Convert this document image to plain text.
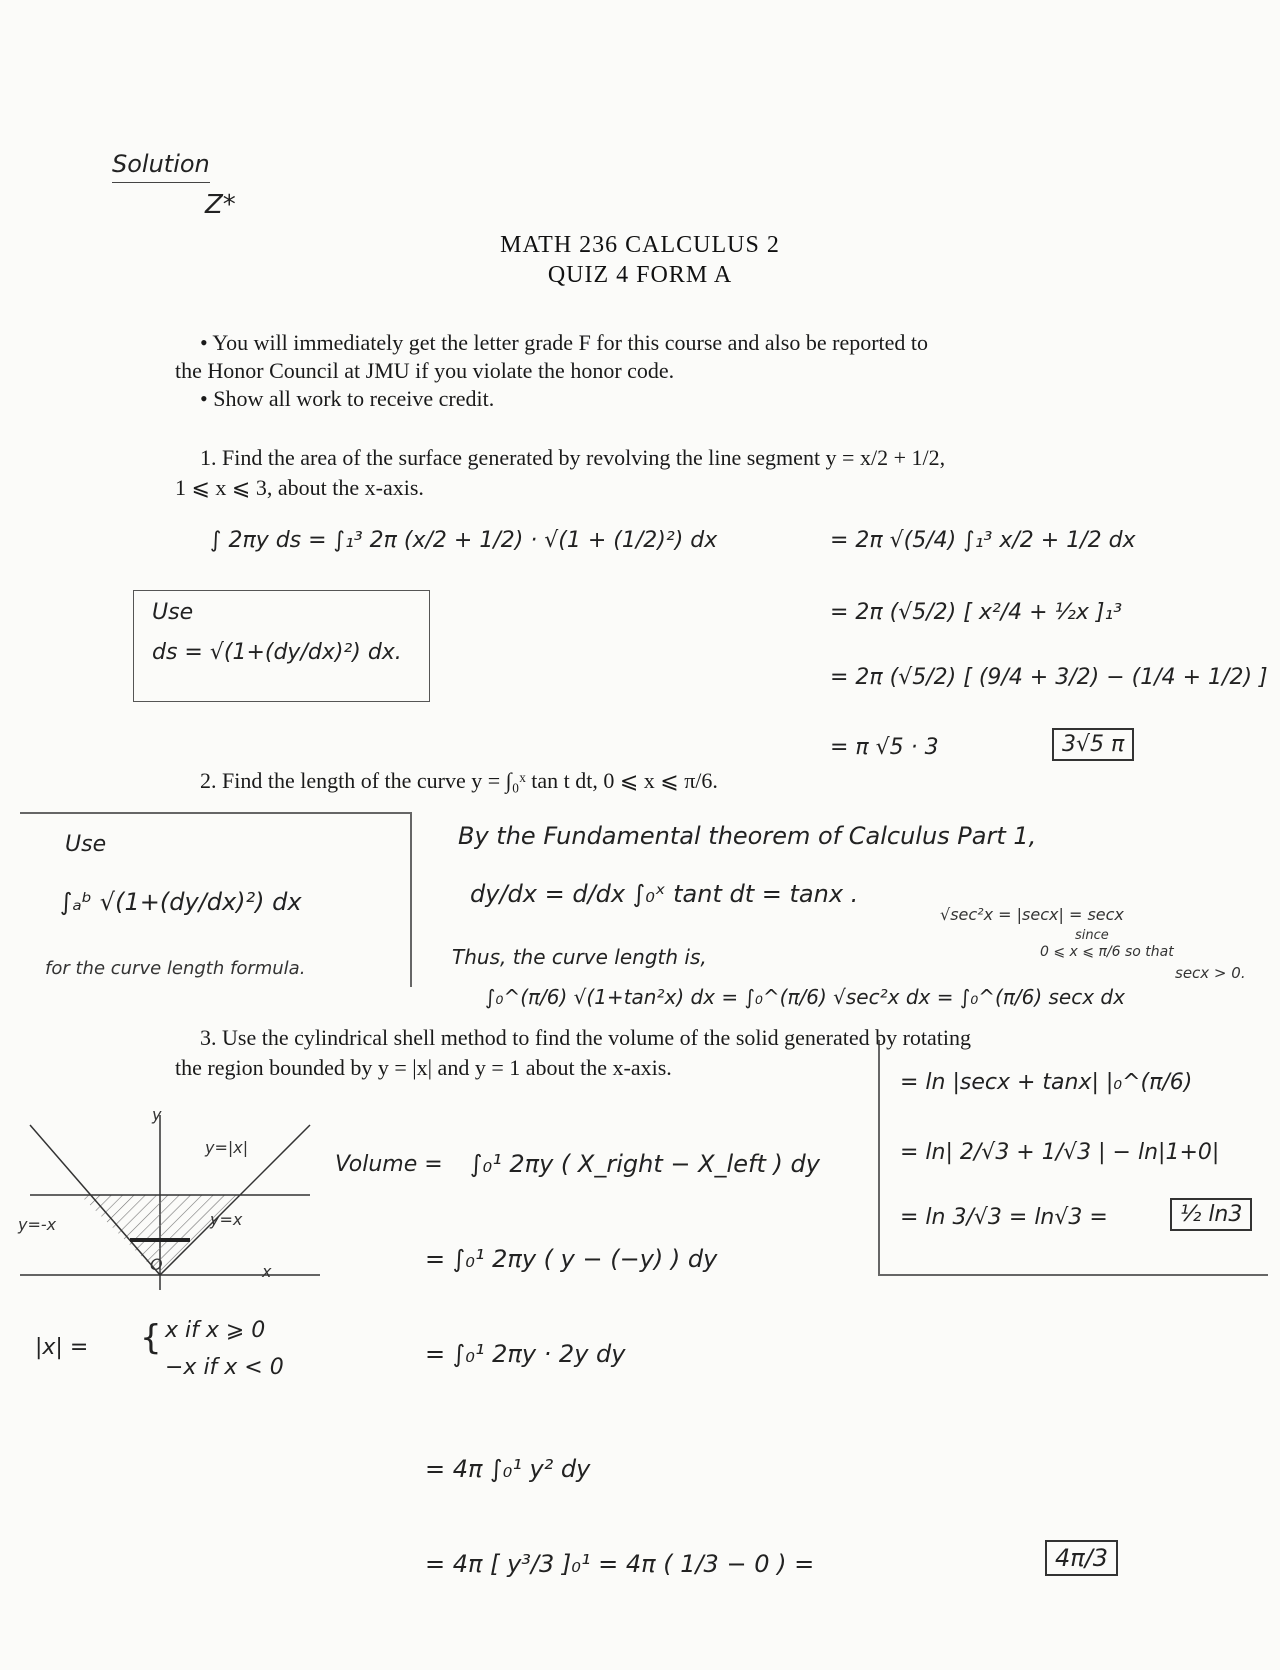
Solution
Z*
MATH 236 CALCULUS 2
QUIZ 4 FORM A
• You will immediately get the letter grade F for this course and also be reported to
the Honor Council at JMU if you violate the honor code.
• Show all work to receive credit.
1. Find the area of the surface generated by revolving the line segment y = x/2 + 1/2,
1 ⩽ x ⩽ 3, about the x-axis.
∫ 2πy ds = ∫₁³ 2π (x/2 + 1/2) · √(1 + (1/2)²) dx	= 2π √(5/4) ∫₁³ x/2 + 1/2 dx
Use
ds = √(1+(dy/dx)²) dx.
= 2π (√5/2) [ x²/4 + ½x ]₁³
= 2π (√5/2) [ (9/4 + 3/2) − (1/4 + 1/2) ]
= π √5 · 3	3√5 π
2. Find the length of the curve y = ∫₀ˣ tan t dt, 0 ⩽ x ⩽ π/6.
Use
∫ₐᵇ √(1+(dy/dx)²) dx
for the curve length formula.
By the Fundamental theorem of Calculus Part 1,
dy/dx = d/dx ∫₀ˣ tant dt = tanx .
√sec²x = |secx| = secx
since
0 ⩽ x ⩽ π/6 so that
secx > 0.
Thus, the curve length is,
∫₀^(π/6) √(1+tan²x) dx = ∫₀^(π/6) √sec²x dx = ∫₀^(π/6) secx dx
= ln |secx + tanx| |₀^(π/6)
= ln| 2/√3 + 1/√3 | − ln|1+0|
= ln 3/√3 = ln√3 =	½ ln3
3. Use the cylindrical shell method to find the volume of the solid generated by rotating
the region bounded by y = |x| and y = 1 about the x-axis.
y
x
O
y=|x|
y=-x	y=x
|x| = { x if x ⩾ 0
−x if x < 0
Volume = ∫₀¹ 2πy ( X_right − X_left ) dy
= ∫₀¹ 2πy ( y − (−y) ) dy
= ∫₀¹ 2πy · 2y dy
= 4π ∫₀¹ y² dy
= 4π [ y³/3 ]₀¹ = 4π ( 1/3 − 0 ) =	4π/3
